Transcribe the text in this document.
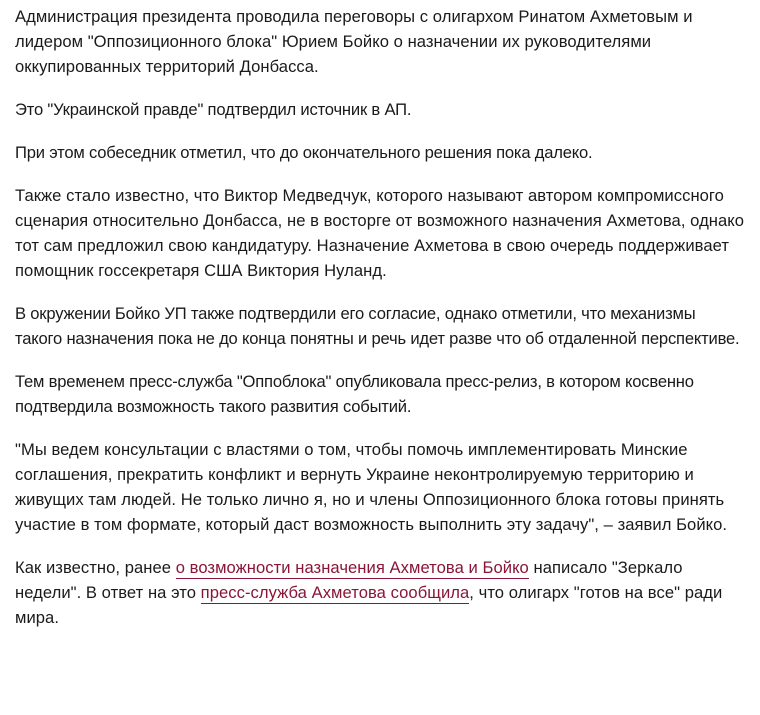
Администрация президента проводила переговоры с олигархом Ринатом Ахметовым и лидером "Оппозиционного блока" Юрием Бойко о назначении их руководителями оккупированных территорий Донбасса.

Это "Украинской правде" подтвердил источник в АП.

При этом собеседник отметил, что до окончательного решения пока далеко.

Также стало известно, что Виктор Медведчук, которого называют автором компромиссного сценария относительно Донбасса, не в восторге от возможного назначения Ахметова, однако тот сам предложил свою кандидатуру. Назначение Ахметова в свою очередь поддерживает помощник госсекретаря США Виктория Нуланд.

В окружении Бойко УП также подтвердили его согласие, однако отметили, что механизмы такого назначения пока не до конца понятны и речь идет разве что об отдаленной перспективе.

Тем временем пресс-служба "Оппоблока" опубликовала пресс-релиз, в котором косвенно подтвердила возможность такого развития событий.

"Мы ведем консультации с властями о том, чтобы помочь имплементировать Минские соглашения, прекратить конфликт и вернуть Украине неконтролируемую территорию и живущих там людей. Не только лично я, но и члены Оппозиционного блока готовы принять участие в том формате, который даст возможность выполнить эту задачу", – заявил Бойко.

Как известно, ранее о возможности назначения Ахметова и Бойко написало "Зеркало недели". В ответ на это пресс-служба Ахметова сообщила, что олигарх "готов на все" ради мира.
